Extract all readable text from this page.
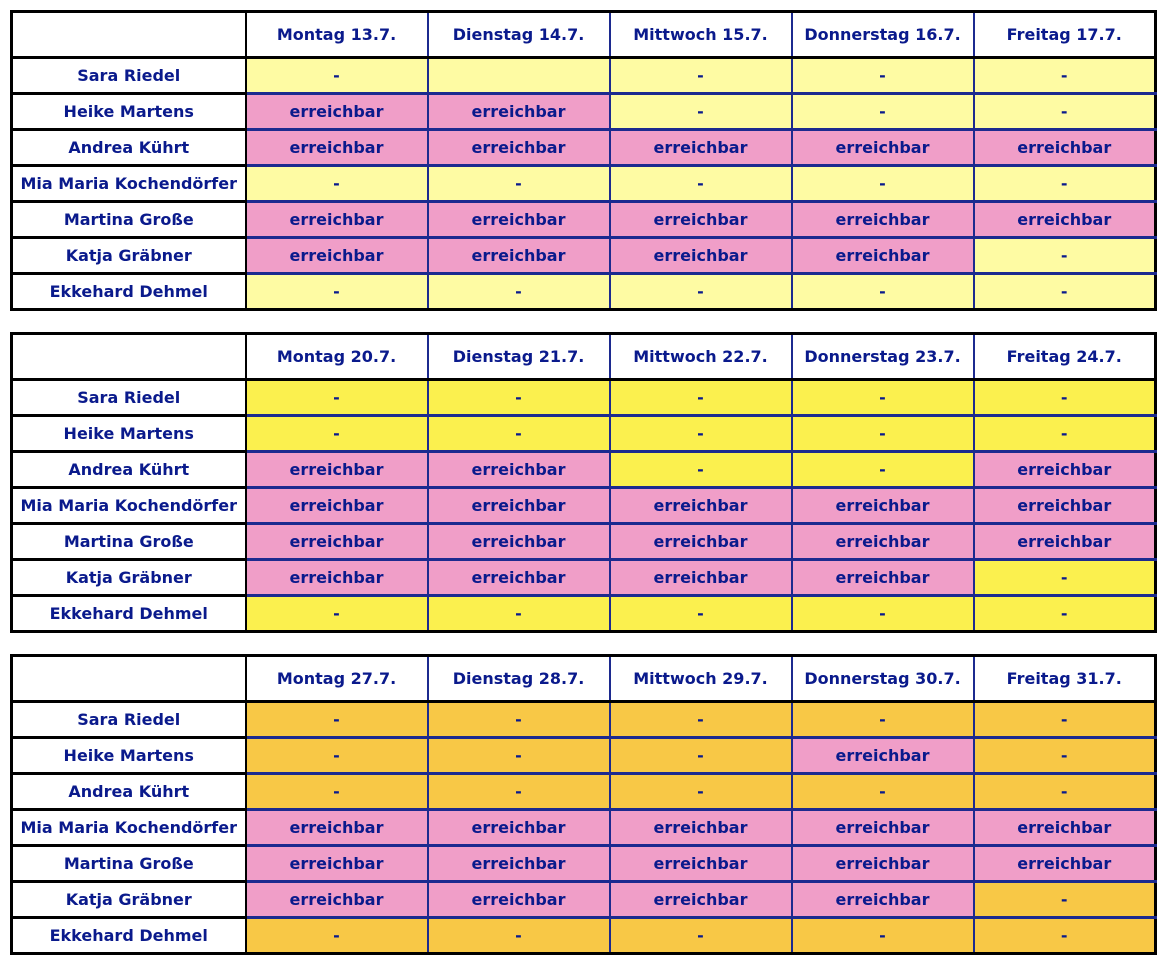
	Montag 13.7.	Dienstag 14.7.	Mittwoch 15.7.	Donnerstag 16.7.	Freitag 17.7.
Sara Riedel	-		-	-	-
Heike Martens	erreichbar	erreichbar	-	-	-
Andrea Kührt	erreichbar	erreichbar	erreichbar	erreichbar	erreichbar
Mia Maria Kochendörfer	-	-	-	-	-
Martina Große	erreichbar	erreichbar	erreichbar	erreichbar	erreichbar
Katja Gräbner	erreichbar	erreichbar	erreichbar	erreichbar	-
Ekkehard Dehmel	-	-	-	-	-
	Montag 20.7.	Dienstag 21.7.	Mittwoch 22.7.	Donnerstag 23.7.	Freitag 24.7.
Sara Riedel	-	-	-	-	-
Heike Martens	-	-	-	-	-
Andrea Kührt	erreichbar	erreichbar	-	-	erreichbar
Mia Maria Kochendörfer	erreichbar	erreichbar	erreichbar	erreichbar	erreichbar
Martina Große	erreichbar	erreichbar	erreichbar	erreichbar	erreichbar
Katja Gräbner	erreichbar	erreichbar	erreichbar	erreichbar	-
Ekkehard Dehmel	-	-	-	-	-
	Montag 27.7.	Dienstag 28.7.	Mittwoch 29.7.	Donnerstag 30.7.	Freitag 31.7.
Sara Riedel	-	-	-	-	-
Heike Martens	-	-	-	erreichbar	-
Andrea Kührt	-	-	-	-	-
Mia Maria Kochendörfer	erreichbar	erreichbar	erreichbar	erreichbar	erreichbar
Martina Große	erreichbar	erreichbar	erreichbar	erreichbar	erreichbar
Katja Gräbner	erreichbar	erreichbar	erreichbar	erreichbar	-
Ekkehard Dehmel	-	-	-	-	-
